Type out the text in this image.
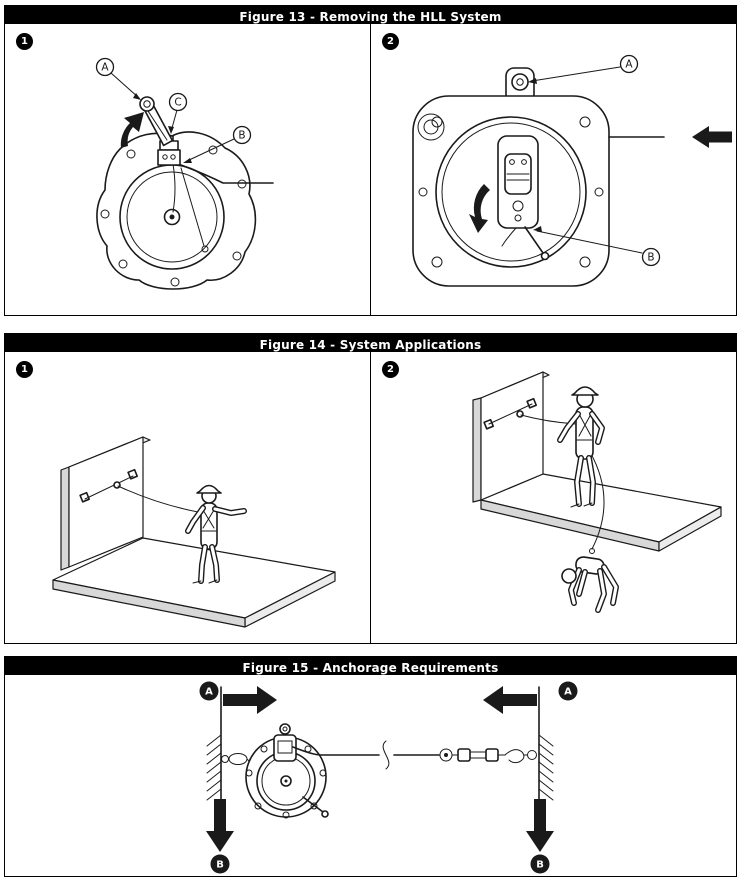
Figure 13 - Removing the HLL System
1
A
C
B
2
A
B
Figure 14 - System Applications
1	2
Figure 15 - Anchorage Requirements
A	A
B	B
